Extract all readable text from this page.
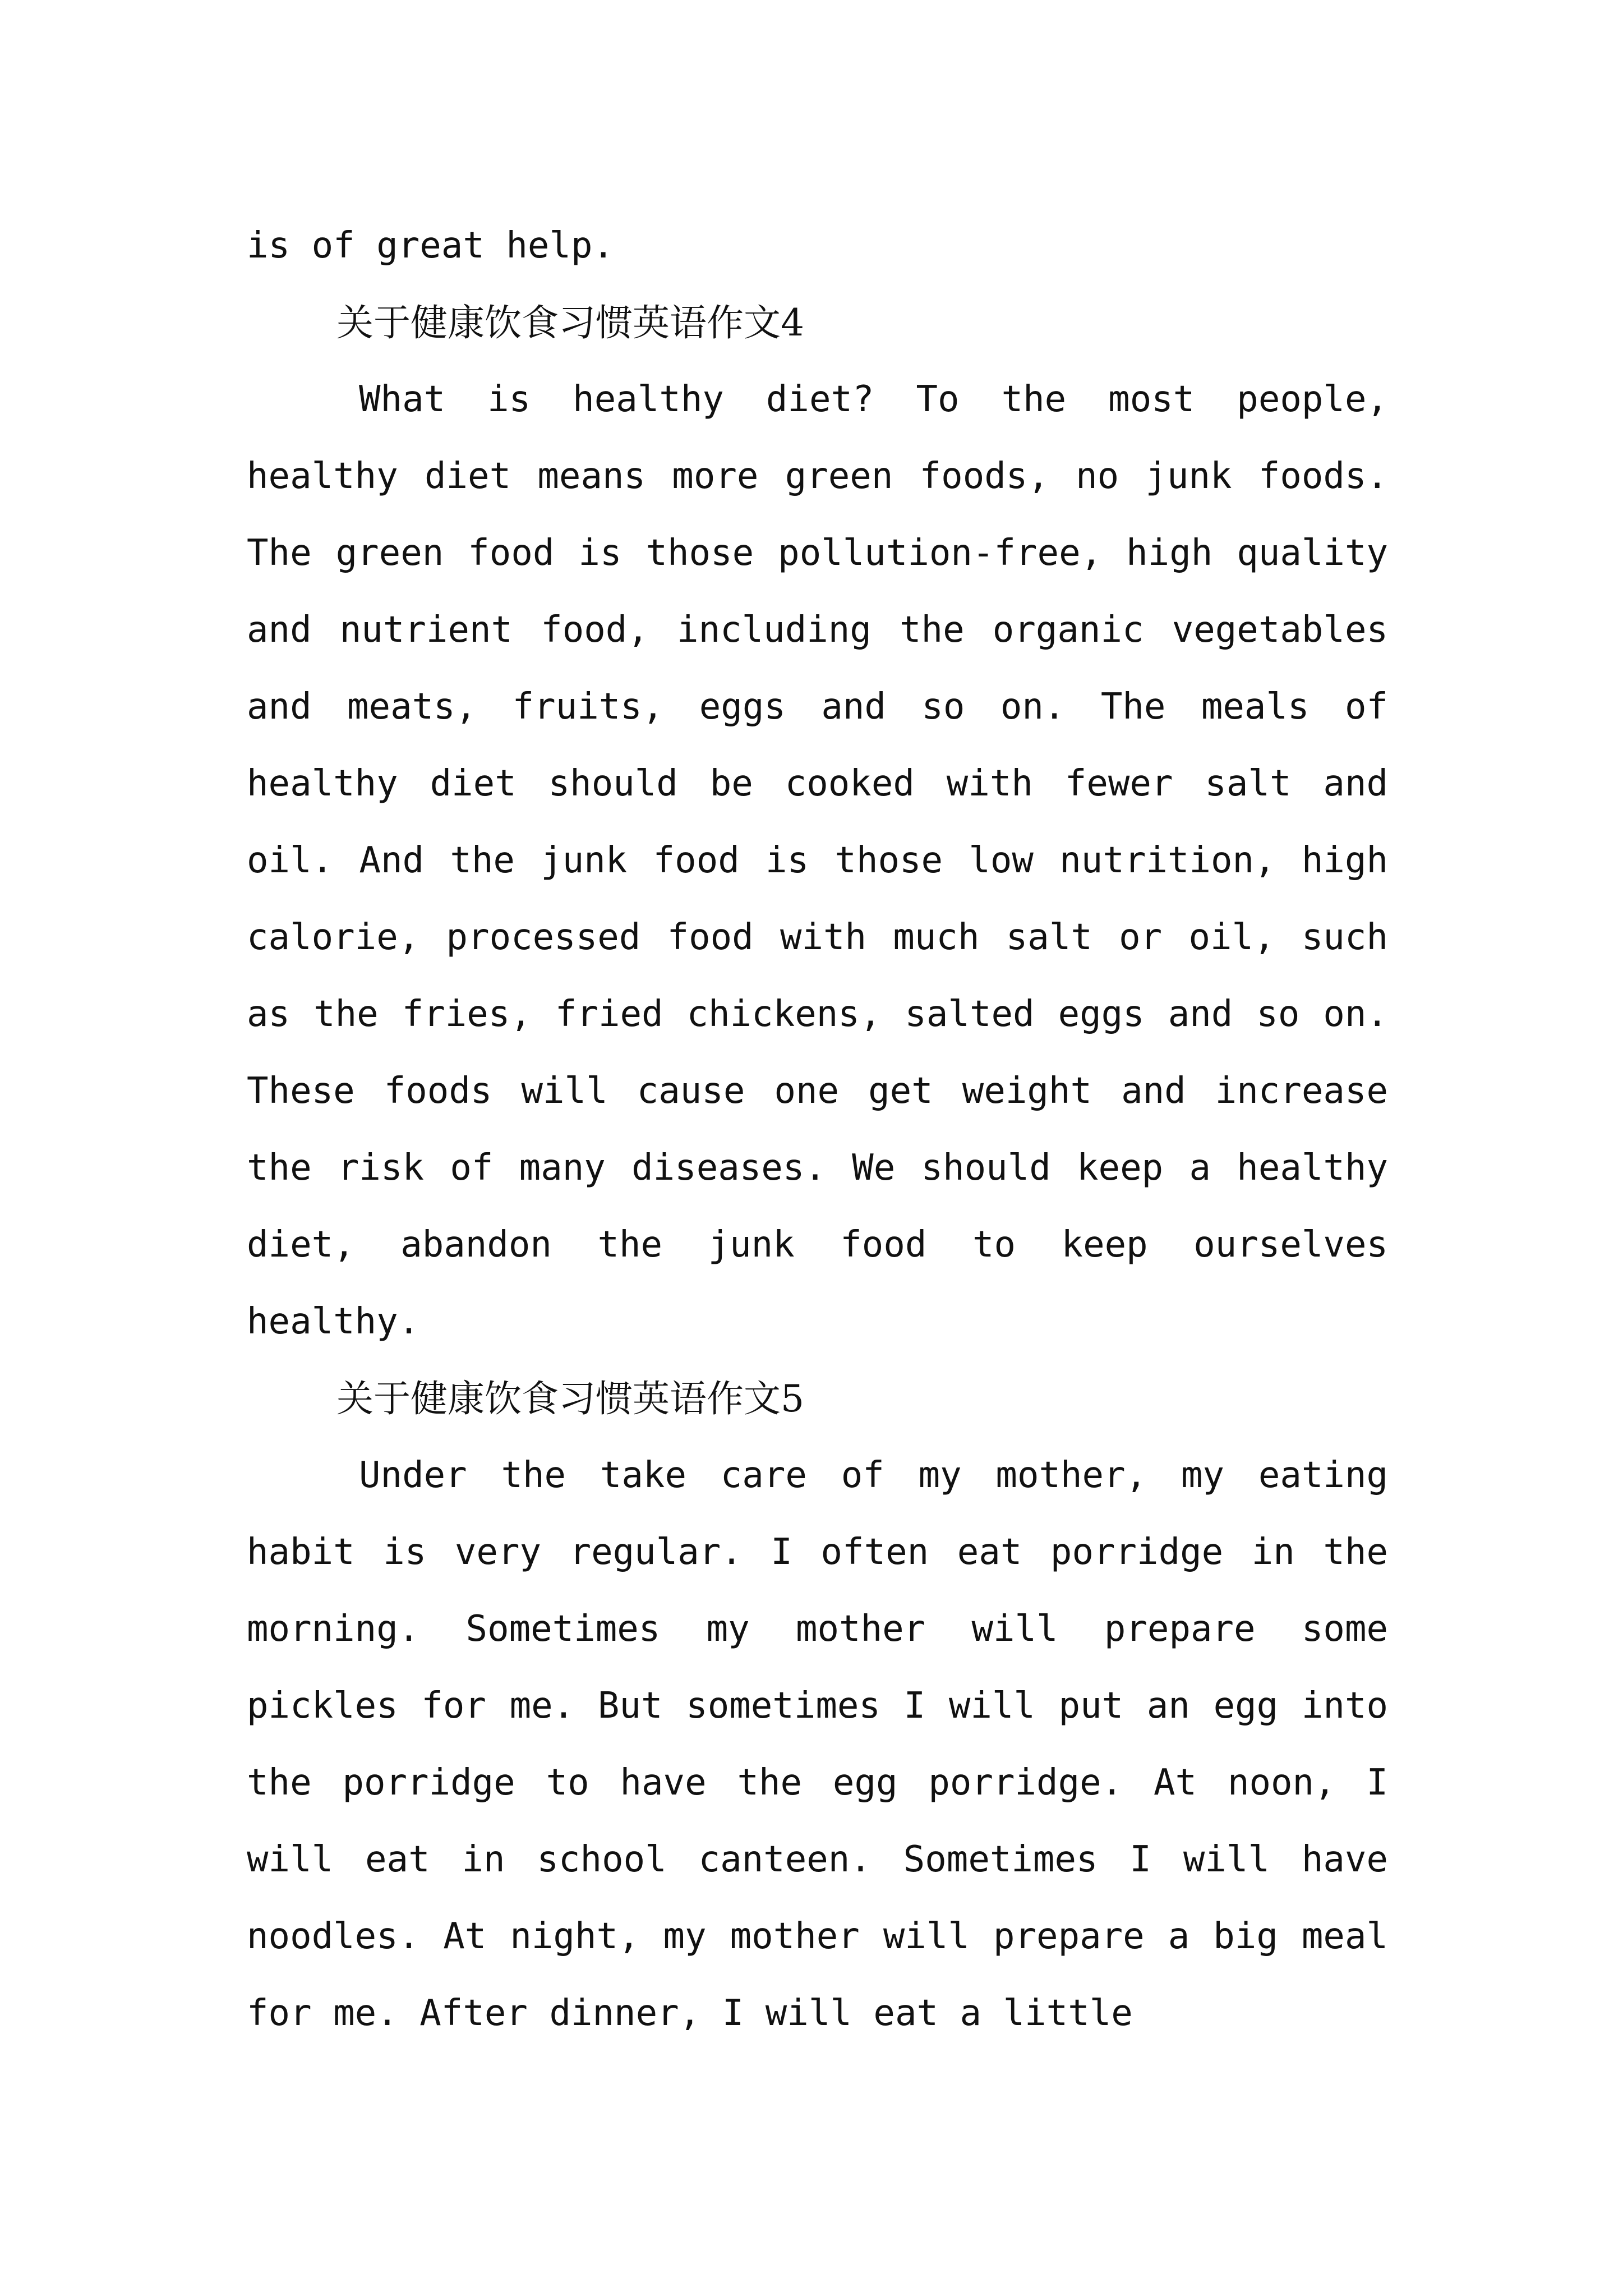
is of great help.

关于健康饮食习惯英语作文4

What is healthy diet? To the most people, healthy diet means more green foods, no junk foods. The green food is those pollution-free, high quality and nutrient food, including the organic vegetables and meats, fruits, eggs and so on. The meals of healthy diet should be cooked with fewer salt and oil. And the junk food is those low nutrition, high calorie, processed food with much salt or oil, such as the fries, fried chickens, salted eggs and so on. These foods will cause one get weight and increase the risk of many diseases. We should keep a healthy diet, abandon the junk food to keep ourselves healthy.

关于健康饮食习惯英语作文5

Under the take care of my mother, my eating habit is very regular. I often eat porridge in the morning. Sometimes my mother will prepare some pickles for me. But sometimes I will put an egg into the porridge to have the egg porridge. At noon, I will eat in school canteen. Sometimes I will have noodles. At night, my mother will prepare a big meal for me. After dinner, I will eat a little
